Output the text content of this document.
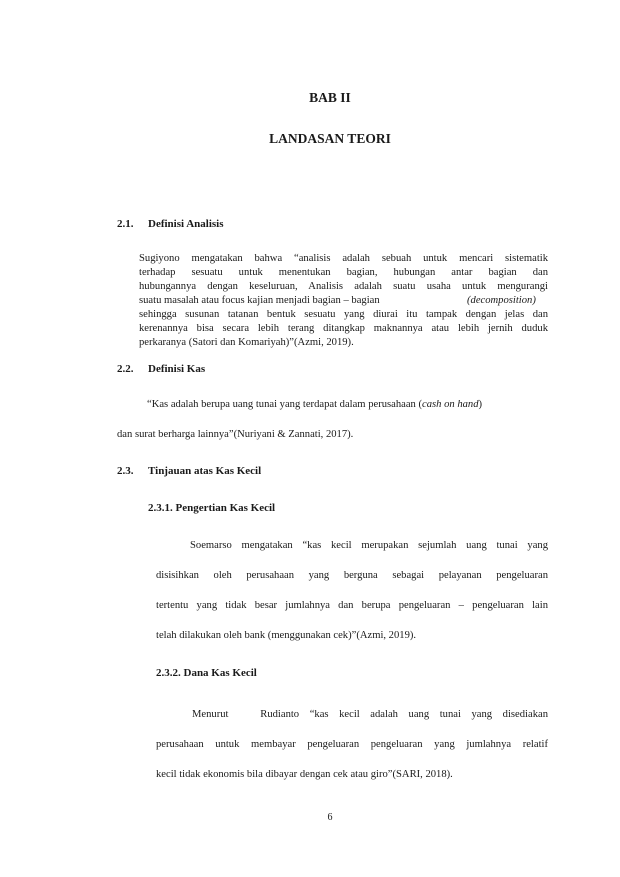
BAB II
LANDASAN TEORI
2.1. Definisi Analisis
Sugiyono mengatakan bahwa “analisis adalah sebuah untuk mencari sistematik
terhadap sesuatu untuk menentukan bagian, hubungan antar bagian dan
hubungannya dengan keseluruan, Analisis adalah suatu usaha untuk mengurangi
suatu masalah atau focus kajian menjadi bagian – bagian	(decomposition)
sehingga susunan tatanan bentuk sesuatu yang diurai itu tampak dengan jelas dan
kerenannya bisa secara lebih terang ditangkap maknannya atau lebih jernih duduk
perkaranya (Satori dan Komariyah)”(Azmi, 2019).
2.2. Definisi Kas
“Kas adalah berupa uang tunai yang terdapat dalam perusahaan (cash on hand)
dan surat berharga lainnya”(Nuriyani & Zannati, 2017).
2.3. Tinjauan atas Kas Kecil
2.3.1. Pengertian Kas Kecil
Soemarso mengatakan “kas kecil merupakan sejumlah uang tunai yang
disisihkan oleh perusahaan yang berguna sebagai pelayanan pengeluaran
tertentu yang tidak besar jumlahnya dan berupa pengeluaran – pengeluaran lain
telah dilakukan oleh bank (menggunakan cek)”(Azmi, 2019).
2.3.2. Dana Kas Kecil
Menurut   Rudianto “kas kecil adalah uang tunai yang disediakan
perusahaan untuk membayar pengeluaran pengeluaran yang jumlahnya relatif
kecil tidak ekonomis bila dibayar dengan cek atau giro”(SARI, 2018).
6
